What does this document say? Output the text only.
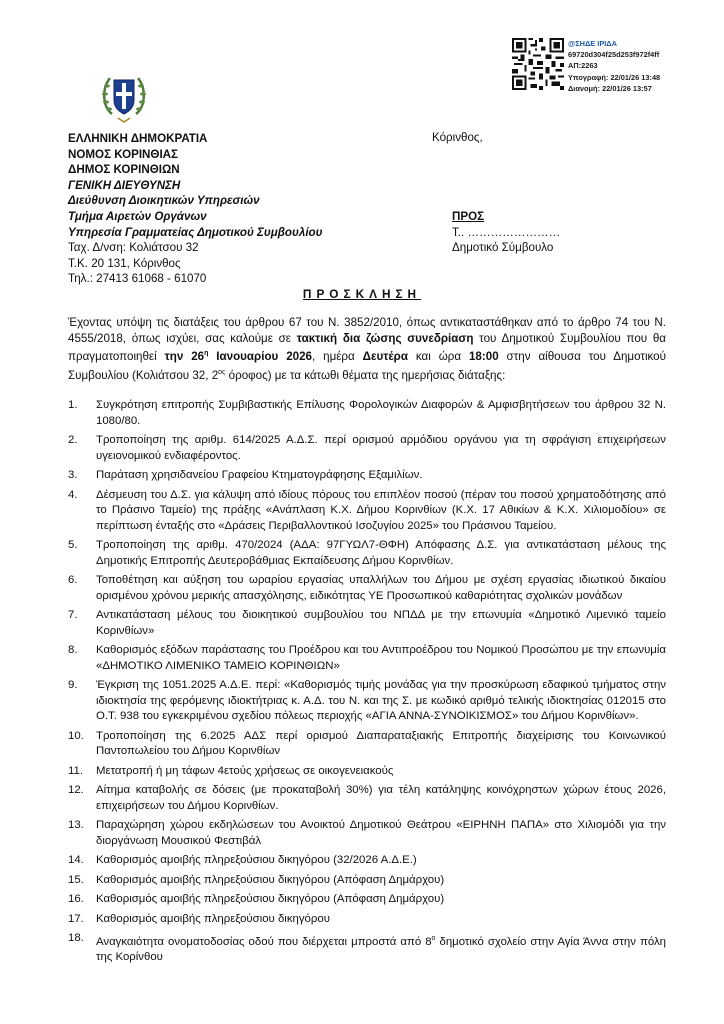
@ΣΗΔΕ ΙΡΙΔΑ
69720d304f25d253f972f4ff
ΑΠ:2263
Υπογραφή: 22/01/26 13:48
Διανομή: 22/01/26 13:57
ΕΛΛΗΝΙΚΗ ΔΗΜΟΚΡΑΤΙΑ
ΝΟΜΟΣ ΚΟΡΙΝΘΙΑΣ
ΔΗΜΟΣ ΚΟΡΙΝΘΙΩΝ
ΓΕΝΙΚΗ ΔΙΕΥΘΥΝΣΗ
Διεύθυνση Διοικητικών Υπηρεσιών
Τμήμα Αιρετών Οργάνων
Υπηρεσία Γραμματείας Δημοτικού Συμβουλίου
Ταχ. Δ/νση: Κολιάτσου 32
Τ.Κ. 20 131, Κόρινθος
Τηλ.: 27413 61068 - 61070
Κόρινθος,
ΠΡΟΣ
Τ.. ……………………
Δημοτικό Σύμβουλο
ΠΡΟΣΚΛΗΣΗ
Έχοντας υπόψη τις διατάξεις του άρθρου 67 του Ν. 3852/2010, όπως αντικαταστάθηκαν από το άρθρο 74 του Ν. 4555/2018, όπως ισχύει, σας καλούμε σε τακτική δια ζώσης συνεδρίαση του Δημοτικού Συμβουλίου που θα πραγματοποιηθεί την $26^\eta$ Ιανουαρίου 2026, ημέρα Δευτέρα και ώρα 18:00 στην αίθουσα του Δημοτικού Συμβουλίου (Κολιάτσου 32, $2^{o\varsigma}$ όροφος) με τα κάτωθι θέματα της ημερήσιας διάταξης:
1.	Συγκρότηση επιτροπής Συμβιβαστικής Επίλυσης Φορολογικών Διαφορών & Αμφισβητήσεων του άρθρου 32 Ν. 1080/80.
2.	Τροποποίηση της αριθμ. 614/2025 Α.Δ.Σ. περί ορισμού αρμόδιου οργάνου για τη σφράγιση επιχειρήσεων υγειονομικού ενδιαφέροντος.
3.	Παράταση χρησιδανείου Γραφείου Κτηματογράφησης Εξαμιλίων.
4.	Δέσμευση του Δ.Σ. για κάλυψη από ιδίους πόρους του επιπλέον ποσού (πέραν του ποσού χρηματοδότησης από το Πράσινο Ταμείο) της πράξης «Ανάπλαση Κ.Χ. Δήμου Κορινθίων (Κ.Χ. 17 Αθικίων & Κ.Χ. Χιλιομοδίου» σε περίπτωση ένταξής στο «Δράσεις Περιβαλλοντικού Ισοζυγίου 2025» του Πράσινου Ταμείου.
5.	Τροποποίηση της αριθμ. 470/2024 (ΑΔΑ: 97ΓΥΩΛ7-ΘΦΗ) Απόφασης Δ.Σ. για αντικατάσταση μέλους της Δημοτικής Επιτροπής Δευτεροβάθμιας Εκπαίδευσης Δήμου Κορινθίων.
6.	Τοποθέτηση και αύξηση του ωραρίου εργασίας υπαλλήλων του Δήμου με σχέση εργασίας ιδιωτικού δικαίου ορισμένου χρόνου μερικής απασχόλησης, ειδικότητας ΥΕ Προσωπικού καθαριότητας σχολικών μονάδων
7.	Αντικατάσταση μέλους του διοικητικού συμβουλίου του ΝΠΔΔ με την επωνυμία «Δημοτικό Λιμενικό ταμείο Κορινθίων»
8.	Καθορισμός εξόδων παράστασης του Προέδρου και του Αντιπροέδρου του Νομικού Προσώπου με την επωνυμία «ΔΗΜΟΤΙΚΟ ΛΙΜΕΝΙΚΟ ΤΑΜΕΙΟ ΚΟΡΙΝΘΙΩΝ»
9.	Έγκριση της 1051.2025 Α.Δ.Ε. περί: «Καθορισμός τιμής μονάδας για την προσκύρωση εδαφικού τμήματος στην ιδιοκτησία της φερόμενης ιδιοκτήτριας κ. Α.Δ. του Ν. και της Σ. με κωδικό αριθμό τελικής ιδιοκτησίας 012015 στο Ο.Τ. 938 του εγκεκριμένου σχεδίου πόλεως περιοχής «ΑΓΙΑ ΑΝΝΑ-ΣΥΝΟΙΚΙΣΜΟΣ» του Δήμου Κορινθίων».
10.	Τροποποίηση της 6.2025 ΑΔΣ περί ορισμού Διαπαραταξιακής Επιτροπής διαχείρισης του Κοινωνικού Παντοπωλείου του Δήμου Κορινθίων
11.	Μετατροπή ή μη τάφων 4ετούς χρήσεως σε οικογενειακούς
12.	Αίτημα καταβολής σε δόσεις (με προκαταβολή 30%) για τέλη κατάληψης κοινόχρηστων χώρων έτους 2026, επιχειρήσεων του Δήμου Κορινθίων.
13.	Παραχώρηση χώρου εκδηλώσεων του Ανοικτού Δημοτικού Θεάτρου «ΕΙΡΗΝΗ ΠΑΠΑ» στο Χιλιομόδι για την διοργάνωση Μουσικού Φεστιβάλ
14.	Καθορισμός αμοιβής πληρεξούσιου δικηγόρου (32/2026 Α.Δ.Ε.)
15.	Καθορισμός αμοιβής πληρεξούσιου δικηγόρου (Απόφαση Δημάρχου)
16.	Καθορισμός αμοιβής πληρεξούσιου δικηγόρου (Απόφαση Δημάρχου)
17.	Καθορισμός αμοιβής πληρεξούσιου δικηγόρου
18.	Αναγκαιότητα ονοματοδοσίας οδού που διέρχεται μπροστά από $8^o$ δημοτικό σχολείο στην Αγία Άννα στην πόλη της Κορίνθου
